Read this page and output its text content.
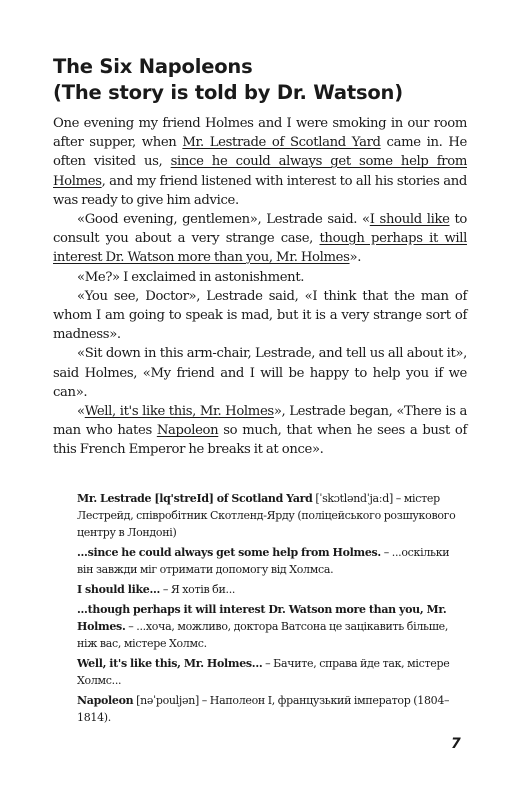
The Six Napoleons
(The story is told by Dr. Watson)

One evening my friend Holmes and I were smoking in our room after supper, when Mr. Lestrade of Scotland Yard came in. He often visited us, since he could always get some help from Holmes, and my friend listened with interest to all his stories and was ready to give him advice.

«Good evening, gentlemen», Lestrade said. «I should like to consult you about a very strange case, though perhaps it will interest Dr. Watson more than you, Mr. Holmes».

«Me?» I exclaimed in astonishment.

«You see, Doctor», Lestrade said, «I think that the man of whom I am going to speak is mad, but it is a very strange sort of madness».

«Sit down in this arm-chair, Lestrade, and tell us all about it», said Holmes, «My friend and I will be happy to help you if we can».

«Well, it's like this, Mr. Holmes», Lestrade began, «There is a man who hates Napoleon so much, that when he sees a bust of this French Emperor he breaks it at once».

Mr. Lestrade [lq'streId] of Scotland Yard [ˈskɔtləndˈjaːd] – містер Лестрейд, співробітник Скотленд-Ярду (поліцейського розшукового центру в Лондоні)

...since he could always get some help from Holmes. – ...оскільки він завжди міг отримати допомогу від Холмса.

I should like... – Я хотів би...

...though perhaps it will interest Dr. Watson more than you, Mr. Holmes. – ...хоча, можливо, доктора Ватсона це зацікавить більше, ніж вас, містере Холмс.

Well, it's like this, Mr. Holmes... – Бачите, справа йде так, містере Холмс...

Napoleon [nəˈpouljən] – Наполеон I, французький імператор (1804–1814).

7
